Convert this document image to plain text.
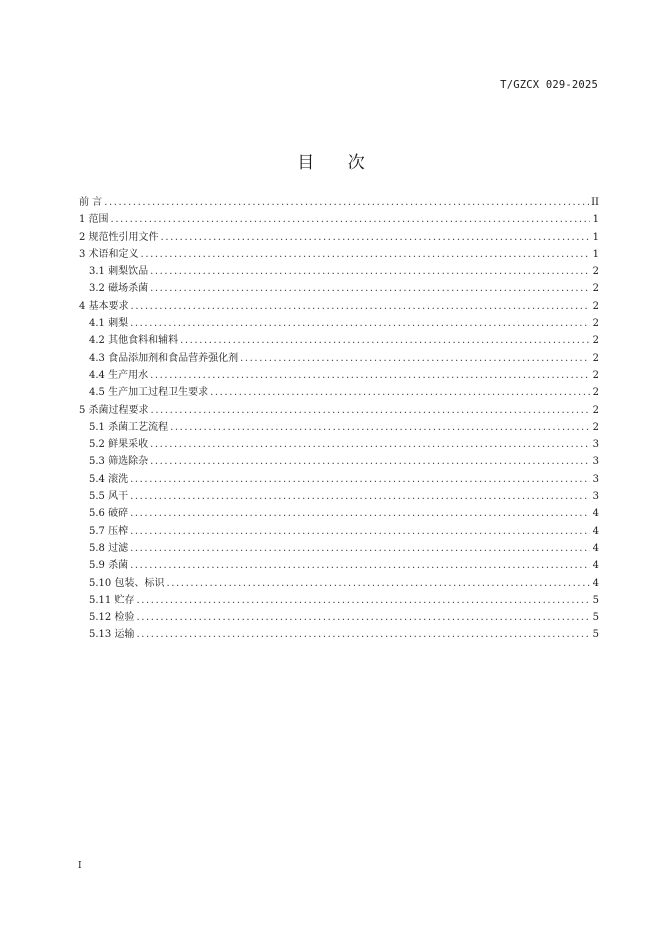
T/GZCX 029-2025
目 次
前 言 .....	II
1 范围 .....	1
2 规范性引用文件 .....	1
3 术语和定义 .....	1
3.1 刺梨饮品 .....	2
3.2 磁场杀菌 .....	2
4 基本要求 .....	2
4.1 刺梨 .....	2
4.2 其他食料和辅料 .....	2
4.3 食品添加剂和食品营养强化剂 .....	2
4.4 生产用水 .....	2
4.5 生产加工过程卫生要求 .....	2
5 杀菌过程要求 .....	2
5.1 杀菌工艺流程 .....	2
5.2 鲜果采收 .....	3
5.3 筛选除杂 .....	3
5.4 滚洗 .....	3
5.5 风干 .....	3
5.6 破碎 .....	4
5.7 压榨 .....	4
5.8 过滤 .....	4
5.9 杀菌 .....	4
5.10 包装、标识 .....	4
5.11 贮存 .....	5
5.12 检验 .....	5
5.13 运输 .....	5
I
